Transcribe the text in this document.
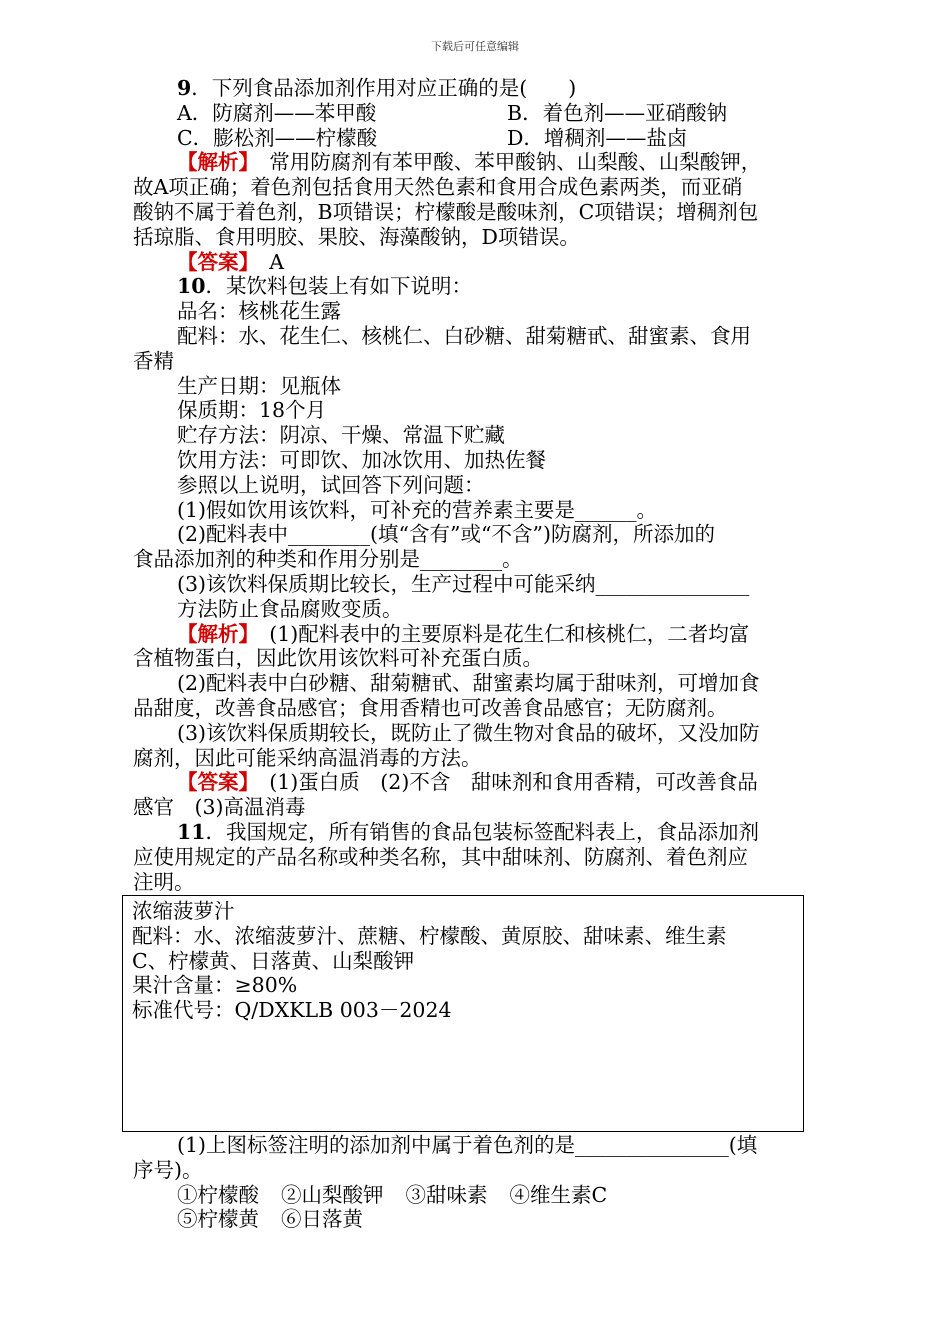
下载后可任意编辑
9．下列食品添加剂作用对应正确的是(　　)
A．防腐剂——苯甲酸	B．着色剂——亚硝酸钠
C．膨松剂——柠檬酸	D．增稠剂——盐卤
【解析】　常用防腐剂有苯甲酸、苯甲酸钠、山梨酸、山梨酸钾，
故A项正确；着色剂包括食用天然色素和食用合成色素两类，而亚硝
酸钠不属于着色剂，B项错误；柠檬酸是酸味剂，C项错误；增稠剂包
括琼脂、食用明胶、果胶、海藻酸钠，D项错误。
【答案】　A
10．某饮料包装上有如下说明：
品名：核桃花生露
配料：水、花生仁、核桃仁、白砂糖、甜菊糖甙、甜蜜素、食用
香精
生产日期：见瓶体
保质期：18个月
贮存方法：阴凉、干燥、常温下贮藏
饮用方法：可即饮、加冰饮用、加热佐餐
参照以上说明，试回答下列问题：
(1)假如饮用该饮料，可补充的营养素主要是______。
(2)配料表中________(填“含有”或“不含”)防腐剂，所添加的
食品添加剂的种类和作用分别是________。
(3)该饮料保质期比较长，生产过程中可能采纳_______________
方法防止食品腐败变质。
【解析】　(1)配料表中的主要原料是花生仁和核桃仁，二者均富
含植物蛋白，因此饮用该饮料可补充蛋白质。
(2)配料表中白砂糖、甜菊糖甙、甜蜜素均属于甜味剂，可增加食
品甜度，改善食品感官；食用香精也可改善食品感官；无防腐剂。
(3)该饮料保质期较长，既防止了微生物对食品的破坏，又没加防
腐剂，因此可能采纳高温消毒的方法。
【答案】　(1)蛋白质　(2)不含　甜味剂和食用香精，可改善食品
感官　(3)高温消毒
11．我国规定，所有销售的食品包装标签配料表上，食品添加剂
应使用规定的产品名称或种类名称，其中甜味剂、防腐剂、着色剂应
注明。
浓缩菠萝汁
配料：水、浓缩菠萝汁、蔗糖、柠檬酸、黄原胶、甜味素、维生素
C、柠檬黄、日落黄、山梨酸钾
果汁含量：≥80%
标准代号：Q/DXKLB 003－2024
(1)上图标签注明的添加剂中属于着色剂的是_______________(填
序号)。
①柠檬酸 ②山梨酸钾 ③甜味素 ④维生素C
⑤柠檬黄 ⑥日落黄
